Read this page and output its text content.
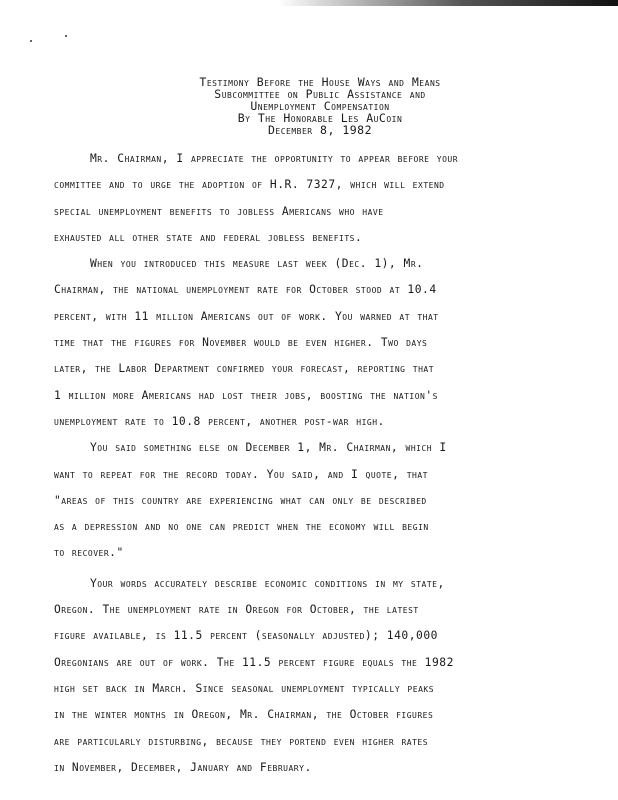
Testimony Before the House Ways and Means
Subcommittee on Public Assistance and
Unemployment Compensation
By The Honorable Les AuCoin
December 8, 1982
Mr. Chairman, I appreciate the opportunity to appear before your
committee and to urge the adoption of H.R. 7327, which will extend
special unemployment benefits to jobless Americans who have
exhausted all other state and federal jobless benefits.
When you introduced this measure last week (Dec. 1), Mr.
Chairman, the national unemployment rate for October stood at 10.4
percent, with 11 million Americans out of work. You warned at that
time that the figures for November would be even higher. Two days
later, the Labor Department confirmed your forecast, reporting that
1 million more Americans had lost their jobs, boosting the nation's
unemployment rate to 10.8 percent, another post-war high.
You said something else on December 1, Mr. Chairman, which I
want to repeat for the record today. You said, and I quote, that
"areas of this country are experiencing what can only be described
as a depression and no one can predict when the economy will begin
to recover."
Your words accurately describe economic conditions in my state,
Oregon. The unemployment rate in Oregon for October, the latest
figure available, is 11.5 percent (seasonally adjusted); 140,000
Oregonians are out of work. The 11.5 percent figure equals the 1982
high set back in March. Since seasonal unemployment typically peaks
in the winter months in Oregon, Mr. Chairman, the October figures
are particularly disturbing, because they portend even higher rates
in November, December, January and February.
